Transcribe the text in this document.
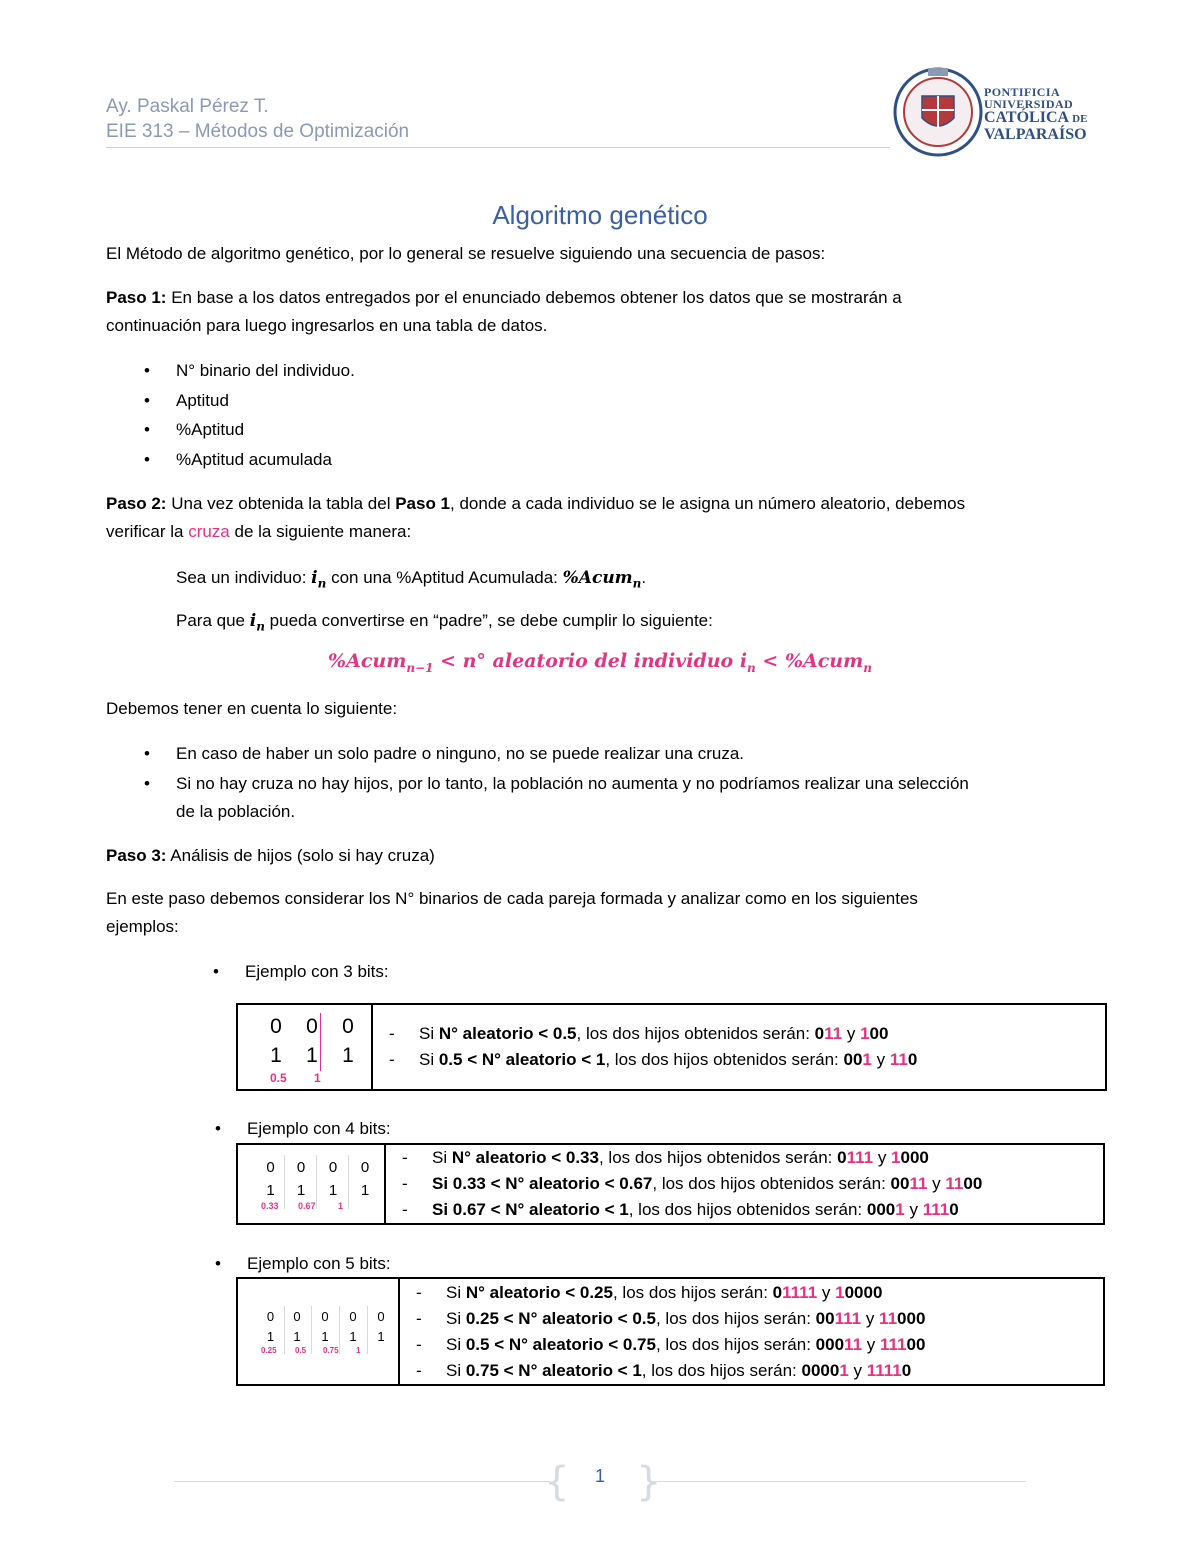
Ay. Paskal Pérez T.
EIE 313 – Métodos de Optimización
PONTIFICIA
UNIVERSIDAD
CATÓLICA DE
VALPARAÍSO
Algoritmo genético
El Método de algoritmo genético, por lo general se resuelve siguiendo una secuencia de pasos:
Paso 1: En base a los datos entregados por el enunciado debemos obtener los datos que se mostrarán a
continuación para luego ingresarlos en una tabla de datos.
• N° binario del individuo.
• Aptitud
• %Aptitud
• %Aptitud acumulada
Paso 2: Una vez obtenida la tabla del Paso 1, donde a cada individuo se le asigna un número aleatorio, debemos
verificar la cruza de la siguiente manera:
Sea un individuo: $i_n$ con una %Aptitud Acumulada: %Acum$_n$.
Para que $i_n$ pueda convertirse en “padre”, se debe cumplir lo siguiente:
%Acum$_{n-1}$ < n° aleatorio del individuo $i_n$ < %Acum$_n$
Debemos tener en cuenta lo siguiente:
• En caso de haber un solo padre o ninguno, no se puede realizar una cruza.
• Si no hay cruza no hay hijos, por lo tanto, la población no aumenta y no podríamos realizar una selección
de la población.
Paso 3: Análisis de hijos (solo si hay cruza)
En este paso debemos considerar los N° binarios de cada pareja formada y analizar como en los siguientes
ejemplos:
• Ejemplo con 3 bits:
0	0	0
1	1	1
0.5 1

- Si N° aleatorio < 0.5, los dos hijos obtenidos serán: 011 y 100
- Si 0.5 < N° aleatorio < 1, los dos hijos obtenidos serán: 001 y 110
• Ejemplo con 4 bits:
0	0	0	0
1	1	1	1
0.33 0.67 1

- Si N° aleatorio < 0.33, los dos hijos obtenidos serán: 0111 y 1000
- Si 0.33 < N° aleatorio < 0.67, los dos hijos obtenidos serán: 0011 y 1100
- Si 0.67 < N° aleatorio < 1, los dos hijos obtenidos serán: 0001 y 1110
• Ejemplo con 5 bits:
0	0	0	0	0
1	1	1	1	1
0.25 0.5 0.75 1

- Si N° aleatorio < 0.25, los dos hijos serán: 01111 y 10000
- Si 0.25 < N° aleatorio < 0.5, los dos hijos serán: 00111 y 11000
- Si 0.5 < N° aleatorio < 0.75, los dos hijos serán: 00011 y 11100
- Si 0.75 < N° aleatorio < 1, los dos hijos serán: 00001 y 11110
{ }
1
